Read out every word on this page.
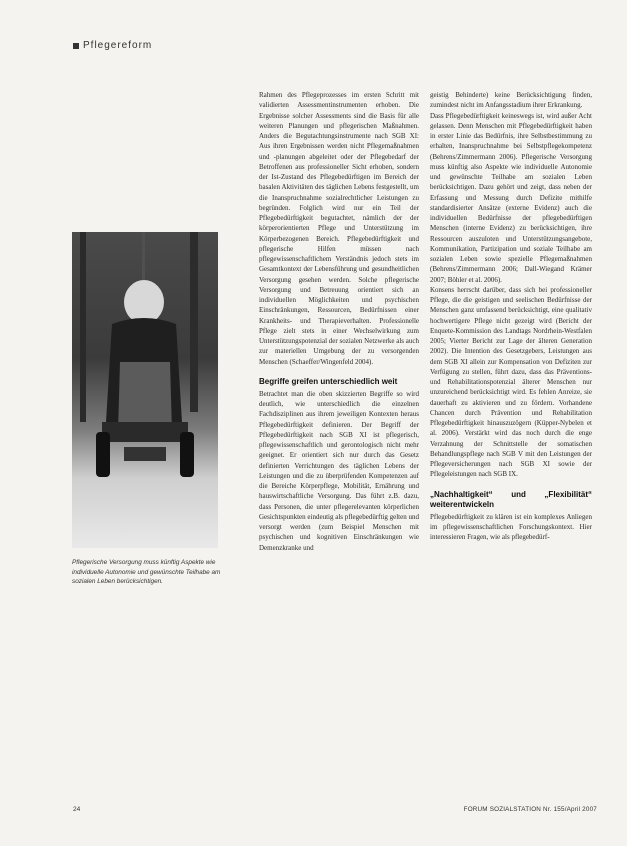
Pflegereform
Pflegerische Versorgung muss künftig Aspekte wie individuelle Autonomie und gewünschte Teilhabe am sozialen Leben berücksichtigen.

Rahmen des Pflegeprozesses im ersten Schritt mit validierten Assessmentinstrumenten erhoben. Die Ergebnisse solcher Assessments sind die Basis für alle weiteren Planungen und pflegerischen Maßnahmen. Anders die Begutachtungsinstrumente nach SGB XI: Aus ihren Ergebnissen werden nicht Pflegemaßnahmen und -planungen abgeleitet oder der Pflegebedarf der Betroffenen aus professioneller Sicht erhoben, sondern der Ist-Zustand des Pflegebedürftigen im Bereich der basalen Aktivitäten des täglichen Lebens festgestellt, um die Inanspruchnahme sozialrechtlicher Leistungen zu begründen. Folglich wird nur ein Teil der Pflegebedürftigkeit begutachtet, nämlich der der körperorientierten Pflege und Unterstützung im Körperbezogenen Bereich. Pflegebedürftigkeit und pflegerische Hilfen müssen nach pflegewissenschaftlichem Verständnis jedoch stets im Gesamtkontext der Lebensführung und gesundheitlichen Versorgung gesehen werden. Solche pflegerische Versorgung und Betreuung orientiert sich an individuellen Möglichkeiten und psychischen Einschränkungen, Ressourcen, Bedürfnissen einer Krankheits- und Therapieverhalten. Professionelle Pflege zielt stets in einer Wechselwirkung zum Unterstützungspotenzial der sozialen Netzwerke als auch zur materiellen Umgebung der zu versorgenden Menschen (Schaeffer/Wingenfeld 2004).

Begriffe greifen unterschiedlich weit

Betrachtet man die oben skizzierten Begriffe so wird deutlich, wie unterschiedlich die einzelnen Fachdisziplinen aus ihrem jeweiligen Kontexten heraus Pflegebedürftigkeit definieren. Der Begriff der Pflegebedürftigkeit nach SGB XI ist pflegerisch, pflegewissenschaftlich und gerontologisch nicht mehr geeignet. Er orientiert sich nur durch das Gesetz definierten Verrichtungen des täglichen Lebens der Leistungen und die zu überprüfenden Kompetenzen auf die Bereiche Körperpflege, Mobilität, Ernährung und hauswirtschaftliche Versorgung. Das führt z.B. dazu, dass Personen, die unter pflegerelevanten körperlichen Gesichtspunkten eindeutig als pflegebedürftig gelten und versorgt werden (zum Beispiel Menschen mit psychischen und kognitiven Einschränkungen wie Demenzkranke und

geistig Behinderte) keine Berücksichtigung finden, zumindest nicht im Anfangsstadium ihrer Erkrankung.

Dass Pflegebedürftigkeit keineswegs ist, wird außer Acht gelassen. Denn Menschen mit Pflegebedürftigkeit haben in erster Linie das Bedürfnis, ihre Selbstbestimmung zu erhalten, Inanspruchnahme bei Selbstpflegekompetenz (Behrens/Zimmermann 2006). Pflegerische Versorgung muss künftig also Aspekte wie individuelle Autonomie und gewünschte Teilhabe am sozialen Leben berücksichtigen. Dazu gehört und zeigt, dass neben der Erfassung und Messung durch Defizite mithilfe standardisierter Ansätze (externe Evidenz) auch die individuellen Bedürfnisse der pflegebedürftigen Menschen (interne Evidenz) zu berücksichtigen, ihre Ressourcen auszuloten und Unterstützungsangebote, Kommunikation, Partizipation und soziale Teilhabe am sozialen Leben sowie spezielle Pflegemaßnahmen (Behrens/Zimmermann 2006; Dall-Wiegand Krämer 2007; Böhler et al. 2006).

Konsens herrscht darüber, dass sich bei professioneller Pflege, die die geistigen und seelischen Bedürfnisse der Menschen ganz umfassend berücksichtigt, eine qualitativ hochwertigere Pflege nicht gezeigt wird (Bericht der Enquete-Kommission des Landtags Nordrhein-Westfalen 2005; Vierter Bericht zur Lage der älteren Generation 2002). Die Intention des Gesetzgebers, Leistungen aus dem SGB XI allein zur Kompensation von Defiziten zur Verfügung zu stellen, führt dazu, dass das Präventions- und Rehabilitationspotenzial älterer Menschen nur unzureichend berücksichtigt wird. Es fehlen Anreize, sie dauerhaft zu aktivieren und zu fördern. Vorhandene Chancen durch Prävention und Rehabilitation Pflegebedürftigkeit hinauszuzögern (Küpper-Nybelen et al. 2006). Verstärkt wird das noch durch die enge Verzahnung der Schnittstelle der somatischen Behandlungspflege nach SGB V mit den Leistungen der Pflegeversicherungen nach SGB XI sowie der Pflegeleistungen nach SGB IX.

„Nachhaltigkeit“ und „Flexibilität“ weiterentwickeln

Pflegebedürftigkeit zu klären ist ein komplexes Anliegen im pflegewissenschaftlichen Forschungskontext. Hier interessieren Fragen, wie als pflegebedürf-

24	FORUM SOZIALSTATION Nr. 155/April 2007
